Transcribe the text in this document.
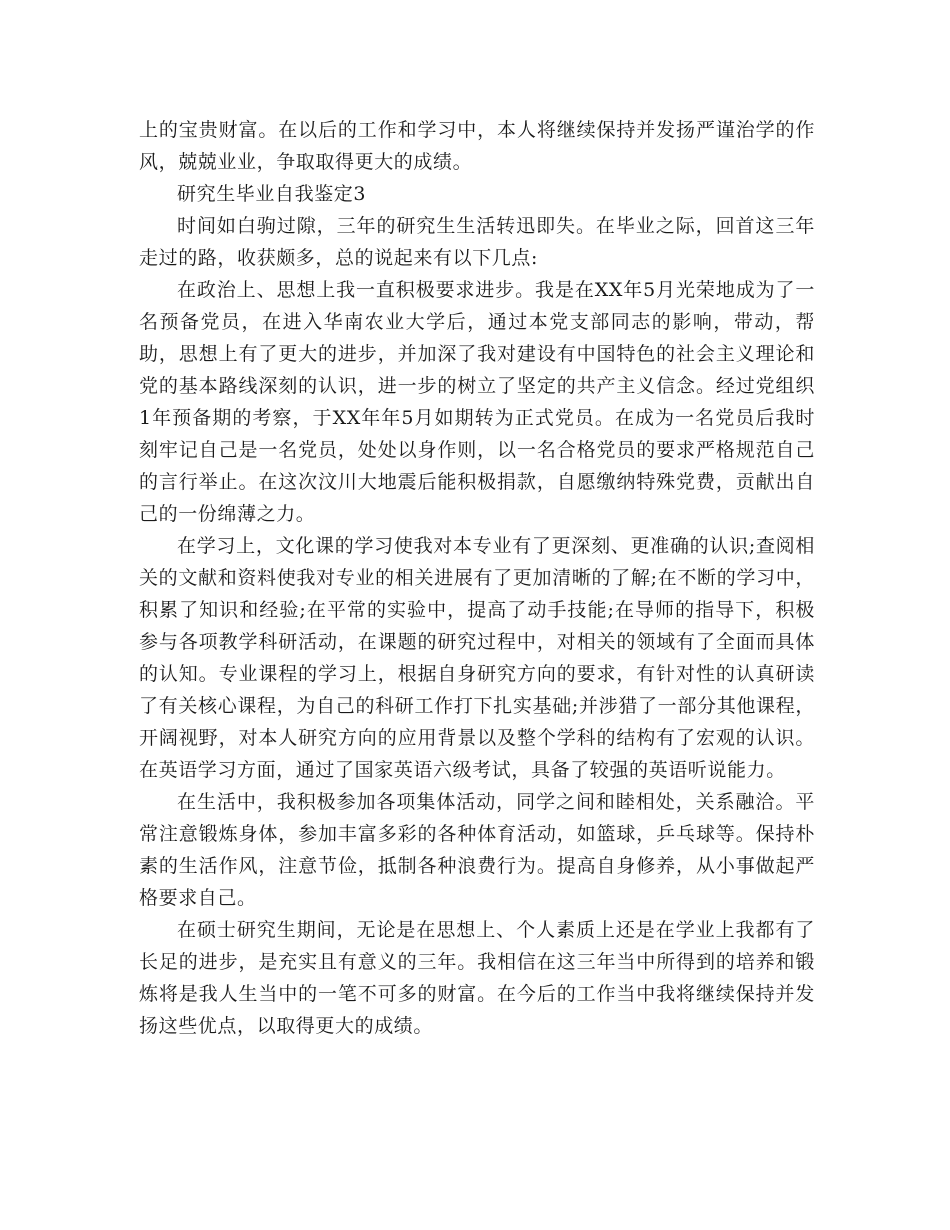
上的宝贵财富。在以后的工作和学习中，本人将继续保持并发扬严谨治学的作风，兢兢业业，争取取得更大的成绩。

研究生毕业自我鉴定3

时间如白驹过隙，三年的研究生生活转迅即失。在毕业之际，回首这三年走过的路，收获颇多，总的说起来有以下几点:

在政治上、思想上我一直积极要求进步。我是在XX年5月光荣地成为了一名预备党员，在进入华南农业大学后，通过本党支部同志的影响，带动，帮助，思想上有了更大的进步，并加深了我对建设有中国特色的社会主义理论和党的基本路线深刻的认识，进一步的树立了坚定的共产主义信念。经过党组织1年预备期的考察，于XX年年5月如期转为正式党员。在成为一名党员后我时刻牢记自己是一名党员，处处以身作则，以一名合格党员的要求严格规范自己的言行举止。在这次汶川大地震后能积极捐款，自愿缴纳特殊党费，贡献出自己的一份绵薄之力。

在学习上，文化课的学习使我对本专业有了更深刻、更准确的认识;查阅相关的文献和资料使我对专业的相关进展有了更加清晰的了解;在不断的学习中，积累了知识和经验;在平常的实验中，提高了动手技能;在导师的指导下，积极参与各项教学科研活动，在课题的研究过程中，对相关的领域有了全面而具体的认知。专业课程的学习上，根据自身研究方向的要求，有针对性的认真研读了有关核心课程，为自己的科研工作打下扎实基础;并涉猎了一部分其他课程，开阔视野，对本人研究方向的应用背景以及整个学科的结构有了宏观的认识。在英语学习方面，通过了国家英语六级考试，具备了较强的英语听说能力。

在生活中，我积极参加各项集体活动，同学之间和睦相处，关系融洽。平常注意锻炼身体，参加丰富多彩的各种体育活动，如篮球，乒乓球等。保持朴素的生活作风，注意节俭，抵制各种浪费行为。提高自身修养，从小事做起严格要求自己。

在硕士研究生期间，无论是在思想上、个人素质上还是在学业上我都有了长足的进步，是充实且有意义的三年。我相信在这三年当中所得到的培养和锻炼将是我人生当中的一笔不可多的财富。在今后的工作当中我将继续保持并发扬这些优点，以取得更大的成绩。
